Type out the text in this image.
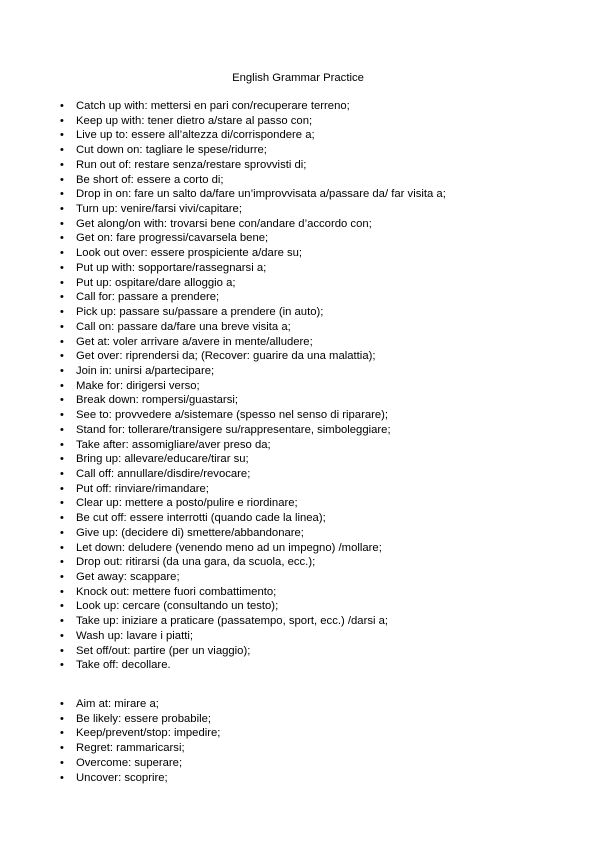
English Grammar Practice
• Catch up with: mettersi en pari con/recuperare terreno;
• Keep up with: tener dietro a/stare al passo con;
• Live up to: essere all’altezza di/corrispondere a;
• Cut down on: tagliare le spese/ridurre;
• Run out of: restare senza/restare sprovvisti di;
• Be short of: essere a corto di;
• Drop in on: fare un salto da/fare un’improvvisata a/passare da/ far visita a;
• Turn up: venire/farsi vivi/capitare;
• Get along/on with: trovarsi bene con/andare d’accordo con;
• Get on: fare progressi/cavarsela bene;
• Look out over: essere prospiciente a/dare su;
• Put up with: sopportare/rassegnarsi a;
• Put up: ospitare/dare alloggio a;
• Call for: passare a prendere;
• Pick up: passare su/passare a prendere (in auto);
• Call on: passare da/fare una breve visita a;
• Get at: voler arrivare a/avere in mente/alludere;
• Get over: riprendersi da; (Recover: guarire da una malattia);
• Join in: unirsi a/partecipare;
• Make for: dirigersi verso;
• Break down: rompersi/guastarsi;
• See to: provvedere a/sistemare (spesso nel senso di riparare);
• Stand for: tollerare/transigere su/rappresentare, simboleggiare;
• Take after: assomigliare/aver preso da;
• Bring up: allevare/educare/tirar su;
• Call off: annullare/disdire/revocare;
• Put off: rinviare/rimandare;
• Clear up: mettere a posto/pulire e riordinare;
• Be cut off: essere interrotti (quando cade la linea);
• Give up: (decidere di) smettere/abbandonare;
• Let down: deludere (venendo meno ad un impegno) /mollare;
• Drop out: ritirarsi (da una gara, da scuola, ecc.);
• Get away: scappare;
• Knock out: mettere fuori combattimento;
• Look up: cercare (consultando un testo);
• Take up: iniziare a praticare (passatempo, sport, ecc.) /darsi a;
• Wash up: lavare i piatti;
• Set off/out: partire (per un viaggio);
• Take off: decollare.
• Aim at: mirare a;
• Be likely: essere probabile;
• Keep/prevent/stop: impedire;
• Regret: rammaricarsi;
• Overcome: superare;
• Uncover: scoprire;
